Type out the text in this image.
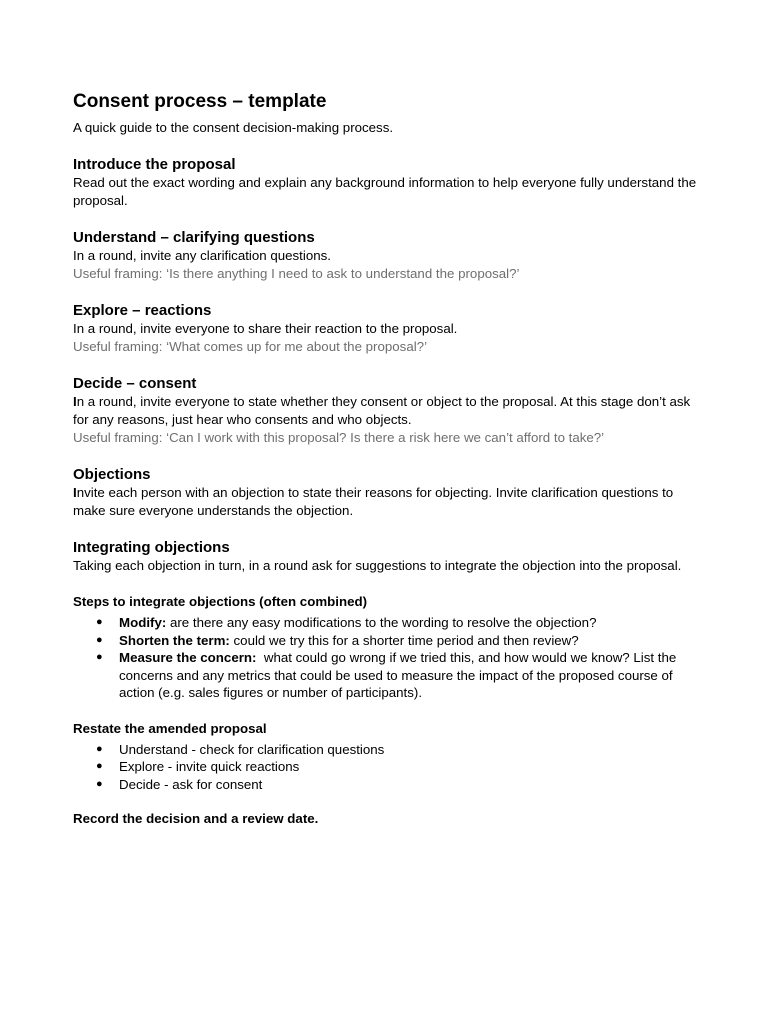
Consent process – template

A quick guide to the consent decision-making process.

Introduce the proposal

Read out the exact wording and explain any background information to help everyone fully understand the proposal.

Understand – clarifying questions

In a round, invite any clarification questions.

Useful framing: ‘Is there anything I need to ask to understand the proposal?’

Explore – reactions

In a round, invite everyone to share their reaction to the proposal.

Useful framing: ‘What comes up for me about the proposal?’

Decide – consent

In a round, invite everyone to state whether they consent or object to the proposal. At this stage don’t ask for any reasons, just hear who consents and who objects.

Useful framing: ‘Can I work with this proposal? Is there a risk here we can’t afford to take?’

Objections

Invite each person with an objection to state their reasons for objecting. Invite clarification questions to make sure everyone understands the objection.

Integrating objections

Taking each objection in turn, in a round ask for suggestions to integrate the objection into the proposal.

Steps to integrate objections (often combined)

● Modify: are there any easy modifications to the wording to resolve the objection?
● Shorten the term: could we try this for a shorter time period and then review?
● Measure the concern:  what could go wrong if we tried this, and how would we know? List the concerns and any metrics that could be used to measure the impact of the proposed course of action (e.g. sales figures or number of participants).

Restate the amended proposal

● Understand - check for clarification questions
● Explore - invite quick reactions
● Decide - ask for consent

Record the decision and a review date.
